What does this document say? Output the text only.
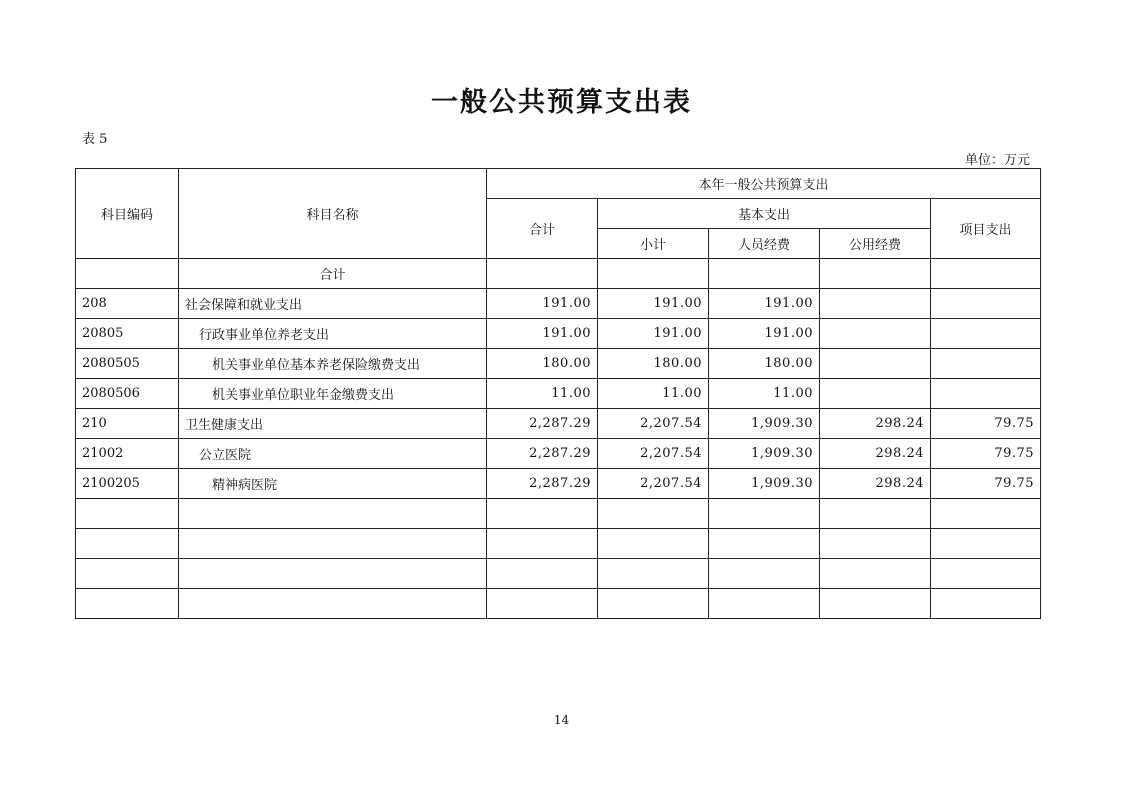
一般公共预算支出表
表 5
单位：万元
科目编码	科目名称	本年一般公共预算支出				
		合计	基本支出			项目支出
			小计	人员经费	公用经费	
	合计					
208	社会保障和就业支出	191.00	191.00	191.00		
20805	行政事业单位养老支出	191.00	191.00	191.00		
2080505	机关事业单位基本养老保险缴费支出	180.00	180.00	180.00		
2080506	机关事业单位职业年金缴费支出	11.00	11.00	11.00		
210	卫生健康支出	2,287.29	2,207.54	1,909.30	298.24	79.75
21002	公立医院	2,287.29	2,207.54	1,909.30	298.24	79.75
2100205	精神病医院	2,287.29	2,207.54	1,909.30	298.24	79.75

14
